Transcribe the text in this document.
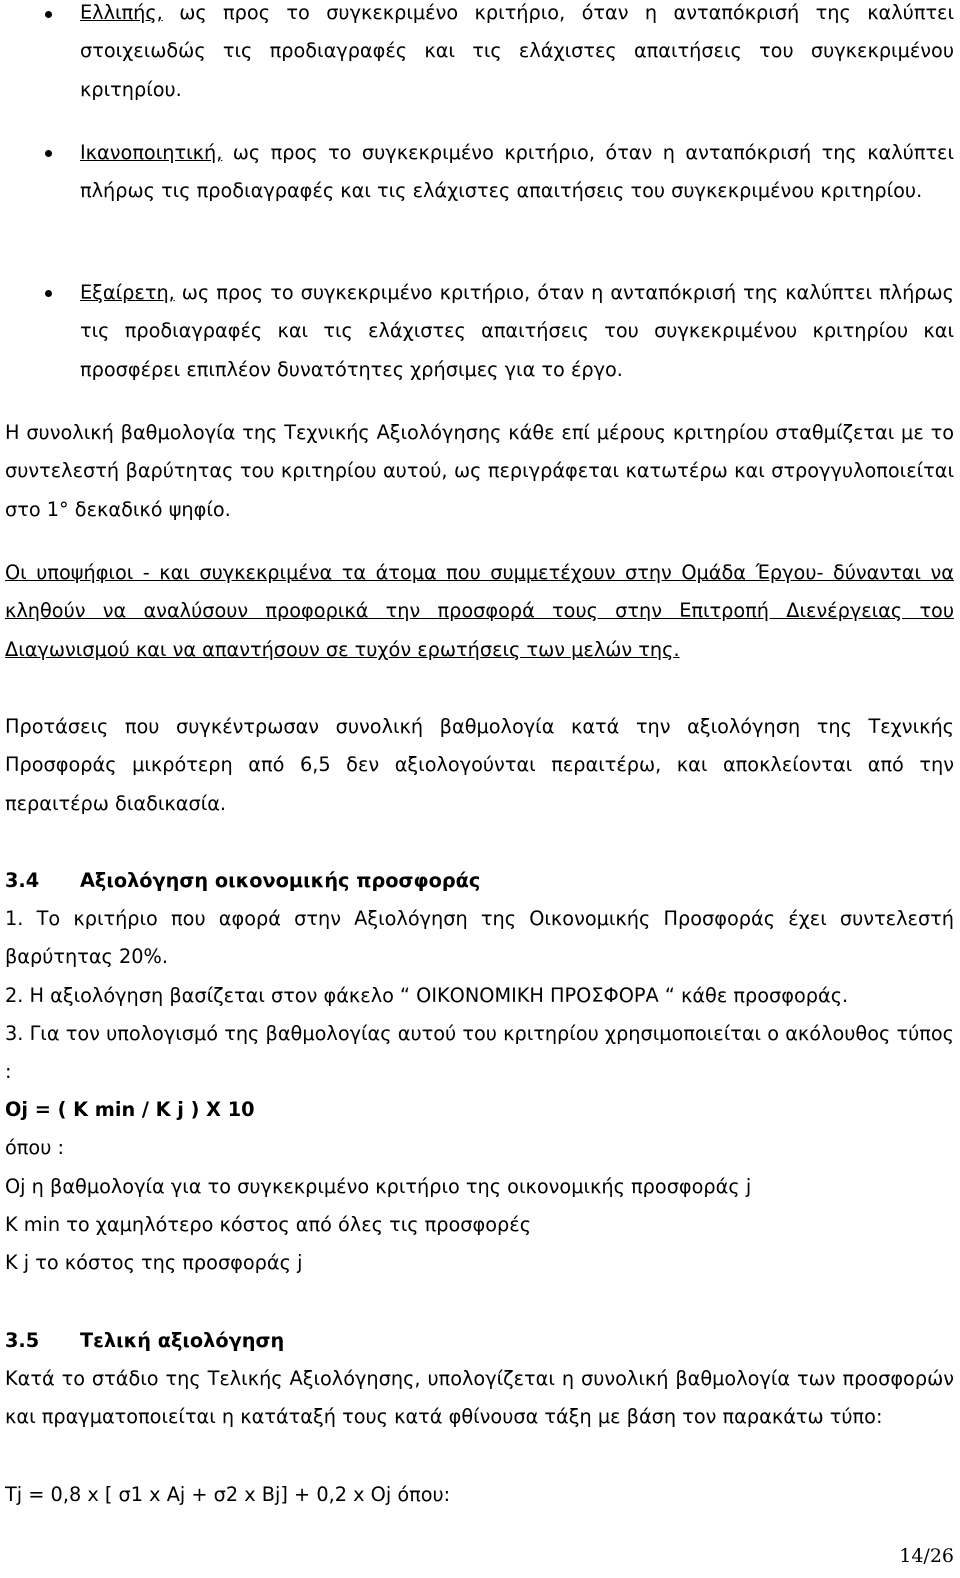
Ελλιπής, ως προς το συγκεκριμένο κριτήριο, όταν η ανταπόκρισή της καλύπτει στοιχειωδώς τις προδιαγραφές και τις ελάχιστες απαιτήσεις του συγκεκριμένου κριτηρίου.
Ικανοποιητική, ως προς το συγκεκριμένο κριτήριο, όταν η ανταπόκρισή της καλύπτει πλήρως τις προδιαγραφές και τις ελάχιστες απαιτήσεις του συγκεκριμένου κριτηρίου.
Εξαίρετη, ως προς το συγκεκριμένο κριτήριο, όταν η ανταπόκρισή της καλύπτει πλήρως τις προδιαγραφές και τις ελάχιστες απαιτήσεις του συγκεκριμένου κριτηρίου και προσφέρει επιπλέον δυνατότητες χρήσιμες για το έργο.
Η συνολική βαθμολογία της Τεχνικής Αξιολόγησης κάθε επί μέρους κριτηρίου σταθμίζεται με το συντελεστή βαρύτητας του κριτηρίου αυτού, ως περιγράφεται κατωτέρω και στρογγυλοποιείται στο 1° δεκαδικό ψηφίο.
Οι υποψήφιοι - και συγκεκριμένα τα άτομα που συμμετέχουν στην Ομάδα Έργου- δύνανται να κληθούν να αναλύσουν προφορικά την προσφορά τους στην Επιτροπή Διενέργειας του Διαγωνισμού και να απαντήσουν σε τυχόν ερωτήσεις των μελών της.
Προτάσεις που συγκέντρωσαν συνολική βαθμολογία κατά την αξιολόγηση της Τεχνικής Προσφοράς μικρότερη από 6,5 δεν αξιολογούνται περαιτέρω, και αποκλείονται από την περαιτέρω διαδικασία.
3.4 Αξιολόγηση οικονομικής προσφοράς
1. Το κριτήριο που αφορά στην Αξιολόγηση της Οικονομικής Προσφοράς έχει συντελεστή βαρύτητας 20%.
2. Η αξιολόγηση βασίζεται στον φάκελο “ ΟΙΚΟΝΟΜΙΚΗ ΠΡΟΣΦΟΡΑ “ κάθε προσφοράς.
3. Για τον υπολογισμό της βαθμολογίας αυτού του κριτηρίου χρησιμοποιείται ο ακόλουθος τύπος :
Oj = ( K min / K j ) X 10
όπου :
Oj η βαθμολογία για το συγκεκριμένο κριτήριο της οικονομικής προσφοράς j
K min το χαμηλότερο κόστος από όλες τις προσφορές
K j το κόστος της προσφοράς j
3.5 Τελική αξιολόγηση
Κατά το στάδιο της Τελικής Αξιολόγησης, υπολογίζεται η συνολική βαθμολογία των προσφορών και πραγματοποιείται η κατάταξή τους κατά φθίνουσα τάξη με βάση τον παρακάτω τύπο:
Tj = 0,8 x [ σ1 x Aj + σ2 x Bj] + 0,2 x Oj όπου:
14/26
